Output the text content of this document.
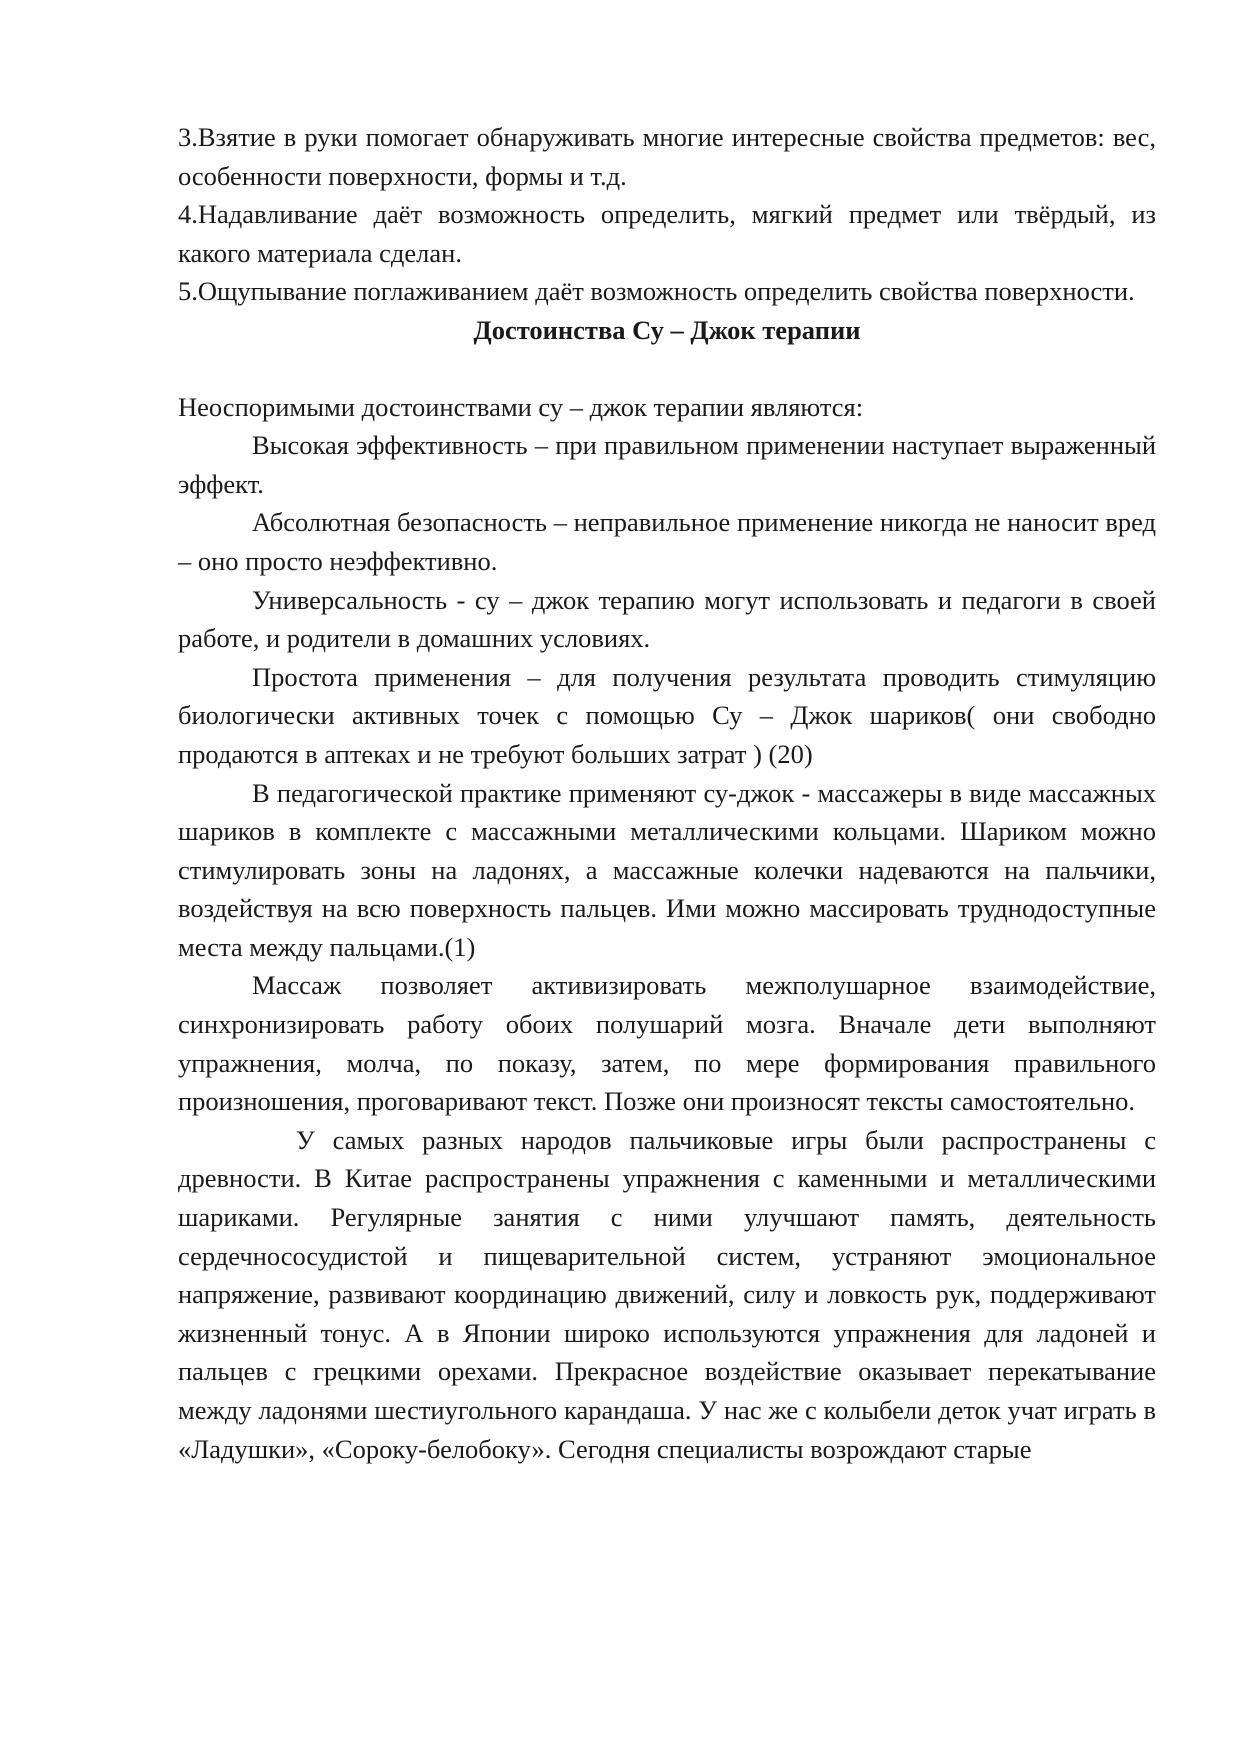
3.Взятие в руки помогает обнаруживать многие интересные свойства предметов: вес, особенности поверхности, формы и т.д.

4.Надавливание даёт возможность определить, мягкий предмет или твёрдый, из какого материала сделан.

5.Ощупывание поглаживанием даёт возможность определить свойства поверхности.

Достоинства Су – Джок терапии

Неоспоримыми достоинствами су – джок терапии являются:

Высокая эффективность – при правильном применении наступает выраженный эффект.

Абсолютная безопасность – неправильное применение никогда не наносит вред – оно просто неэффективно.

Универсальность - су – джок терапию могут использовать и педагоги в своей работе, и родители в домашних условиях.

Простота применения – для получения результата проводить стимуляцию биологически активных точек с помощью Су – Джок шариков( они свободно продаются в аптеках и не требуют больших затрат ) (20)

В педагогической практике применяют су-джок - массажеры в виде массажных шариков в комплекте с массажными металлическими кольцами. Шариком можно стимулировать зоны на ладонях, а массажные колечки надеваются на пальчики, воздействуя на всю поверхность пальцев. Ими можно массировать труднодоступные места между пальцами.(1)

Массаж позволяет активизировать межполушарное взаимодействие, синхронизировать работу обоих полушарий мозга. Вначале дети выполняют упражнения, молча, по показу, затем, по мере формирования правильного произношения, проговаривают текст. Позже они произносят тексты самостоятельно.

У самых разных народов пальчиковые игры были распространены с древности. В Китае распространены упражнения с каменными и металлическими шариками. Регулярные занятия с ними улучшают память, деятельность сердечнососудистой и пищеварительной систем, устраняют эмоциональное напряжение, развивают координацию движений, силу и ловкость рук, поддерживают жизненный тонус. А в Японии широко используются упражнения для ладоней и пальцев с грецкими орехами. Прекрасное воздействие оказывает перекатывание между ладонями шестиугольного карандаша. У нас же с колыбели деток учат играть в «Ладушки», «Сороку-белобоку». Сегодня специалисты возрождают старые
